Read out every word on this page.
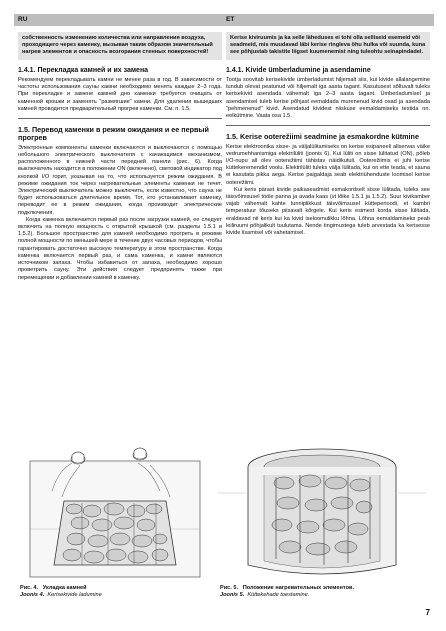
RU	ET
собственность изменению количества или направления воздуха, проходящего через каменку, вызывая таким образом значительный нагрев элементов и опасность возгорания стенных поверхностей!
1.4.1. Перекладка камней и их замена

Рекомендуем перекладывать камни не менее раза в год. В зависимости от частоты использования сауны камни необходимо менять каждые 2–3 года. При перекладке и замене камней дно каменки требуется очищать от каменной крошки и заменять "размягшие" камни. Для удаления вышедших камней проводится предварительный прогрев каменки. См. п. 1.5.

1.5. Перевод каменки в режим ожидания и ее первый прогрев

Электронные компоненты каменки включаются и выключаются с помощью небольшого электрического выключателя с качающимся механизмом, расположенного в нижней части передней панели (рис. 6). Когда выключатель находится в положении ON (включено), световой индикатор под кнопкой I/O горит, указывая на то, что используется режим ожидания. В режиме ожидания ток через нагревательные элементы каменки не течет. Электрический выключатель можно выключить, если известно, что сауна не будет использоваться длительное время. Тот, кто устанавливает каменку, переводит ее в режим ожидания, когда производит электрические подключения.

Когда каменка включается первый раз после загрузки камней, ее следует включить на полную мощность с открытой крышкой (см. разделы 1.5.1 и 1.5.2). Большое пространство для камней необходимо прогреть в режиме полной мощности по меньшей мере в течение двух часовых периодов, чтобы гарантировать достаточно высокую температуру в этом пространстве. Когда каменка включается первый раз, и сама каменка, и камни являются источником запаха. Чтобы избавиться от запаха, необходимо хорошо проветрить сауну. Эти действия следует предпринять также при перемещении и добавлении камней в каменку.

Kerise kiviruumis ja ka selle läheduses ei tohi olla selliseid esemeid või seadmeid, mis muudavad läbi kerise ringleva õhu hulka või suunda, kuna see põhjustab takistite liigset kuumenemist ning tuleohtu seinapindadel.
1.4.1. Kivide ümberladumine ja asendamine

Tootja soovitab kerisekivide ümberladumist hiljemalt siis, kui kivide allalangemine tundub olevat peatunud või hiljemalt iga aasta tagant. Kasutusest sõltuvalt tuleks kerisekivid asendada vähemalt iga 2–3 aasta tagant. Ümberladumisel ja asendamisel tuleb kerise põhjast eemaldada murenenud kivid osad ja asendada "pehmenenud" kivid. Asendatud kividest niiskuse eemaldamiseks testida nn. eelkütmine. Vaata osa 1.5.

1.5. Kerise ooterežiimi seadmine ja esmakordne kütmine

Kerise elektroonika sisse- ja väljalülitamiseks on kerise esipaneeli allservas väike vedrumehhanismiga elektrilüliti (joonis 6). Kui lüliti on sisse lülitatud (ON), põleb I/O-nupu all olev ooterežiimi tähistav näidikutuli. Ooterežiimis ei juhi kerise küttekeremendid voolu. Elektrilüliti tuleks välja lülitada, kui on ette teada, et sauna ei kasutata pikka aega. Kerise paigaldaja seab elektriühenduste loomisel kerise ooterežiimi.

Kui keris pärast kivide paikaseadmist esmakordselt sisse lülitada, tuleks see täisvõimsusel tööle panna ja avada kaas (vt lõike 1.5.1 ja 1.5.2). Suur kivikamber vajab vähemalt kahte tunniplikkust täisvõimsusel kütteperioodi, et kambri temperatuur tõuseks piisavalt kõrgele. Kui keris esimest korda sisse lülitada, eraldavad nii keris kui ka kivid iseloomulikku lõhna. Lõhna eemaldamiseks peab leiliruumi põhjalikult tuulutama. Nende tingimustega tuleb arvestada ka kerisesse kivide lisamisel või vahetamisel.

Рис. 4. Укладка камней
Joonis 4. Kerisekivide ladumine
Рис. 5. Положение нагревательных элементов.
Joonis 5. Küttekehade toestamine.
7
